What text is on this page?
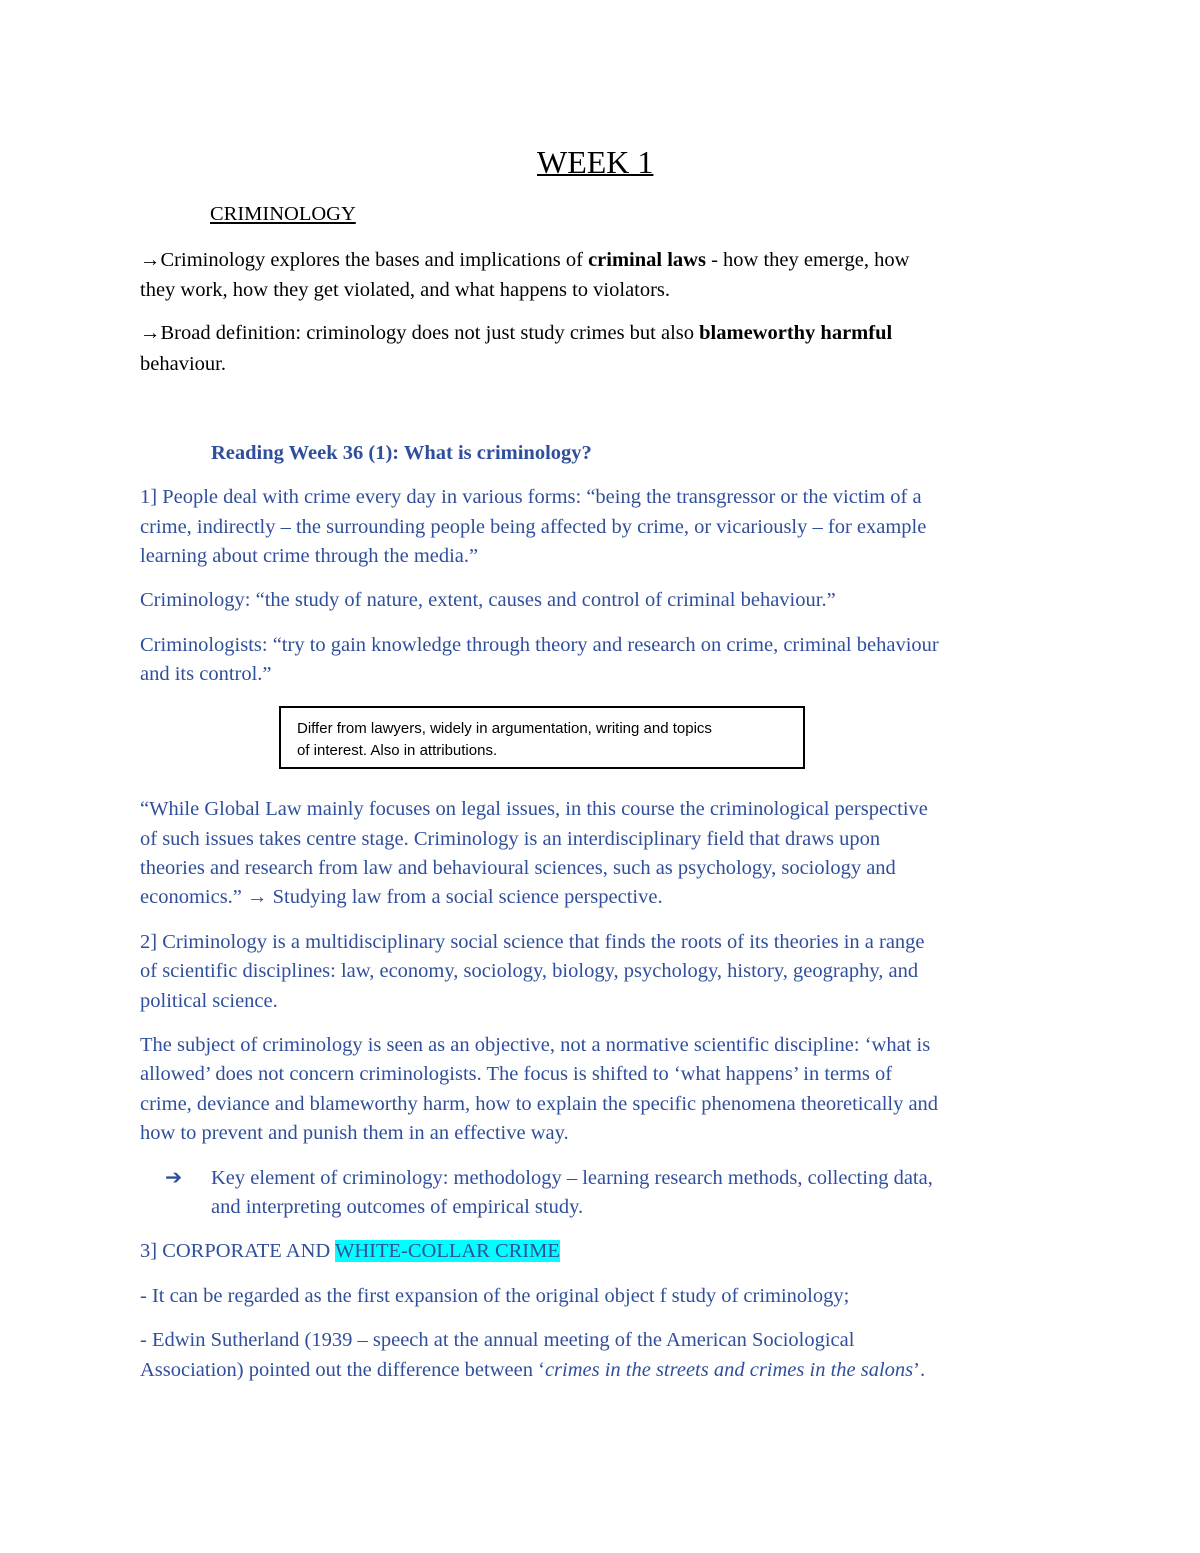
WEEK 1
CRIMINOLOGY
→Criminology explores the bases and implications of criminal laws - how they emerge, how
they work, how they get violated, and what happens to violators.
→Broad definition: criminology does not just study crimes but also blameworthy harmful
behaviour.
Reading Week 36 (1): What is criminology?
1] People deal with crime every day in various forms: “being the transgressor or the victim of a
crime, indirectly – the surrounding people being affected by crime, or vicariously – for example
learning about crime through the media.”
Criminology: “the study of nature, extent, causes and control of criminal behaviour.”
Criminologists: “try to gain knowledge through theory and research on crime, criminal behaviour
and its control.”
Differ from lawyers, widely in argumentation, writing and topics
of interest. Also in attributions.
“While Global Law mainly focuses on legal issues, in this course the criminological perspective
of such issues takes centre stage. Criminology is an interdisciplinary field that draws upon
theories and research from law and behavioural sciences, such as psychology, sociology and
economics.” → Studying law from a social science perspective.
2] Criminology is a multidisciplinary social science that finds the roots of its theories in a range
of scientific disciplines: law, economy, sociology, biology, psychology, history, geography, and
political science.
The subject of criminology is seen as an objective, not a normative scientific discipline: ‘what is
allowed’ does not concern criminologists. The focus is shifted to ‘what happens’ in terms of
crime, deviance and blameworthy harm, how to explain the specific phenomena theoretically and
how to prevent and punish them in an effective way.
➔ Key element of criminology: methodology – learning research methods, collecting data,
and interpreting outcomes of empirical study.
3] CORPORATE AND WHITE-COLLAR CRIME
- It can be regarded as the first expansion of the original object f study of criminology;
- Edwin Sutherland (1939 – speech at the annual meeting of the American Sociological
Association) pointed out the difference between ‘crimes in the streets and crimes in the salons’.
